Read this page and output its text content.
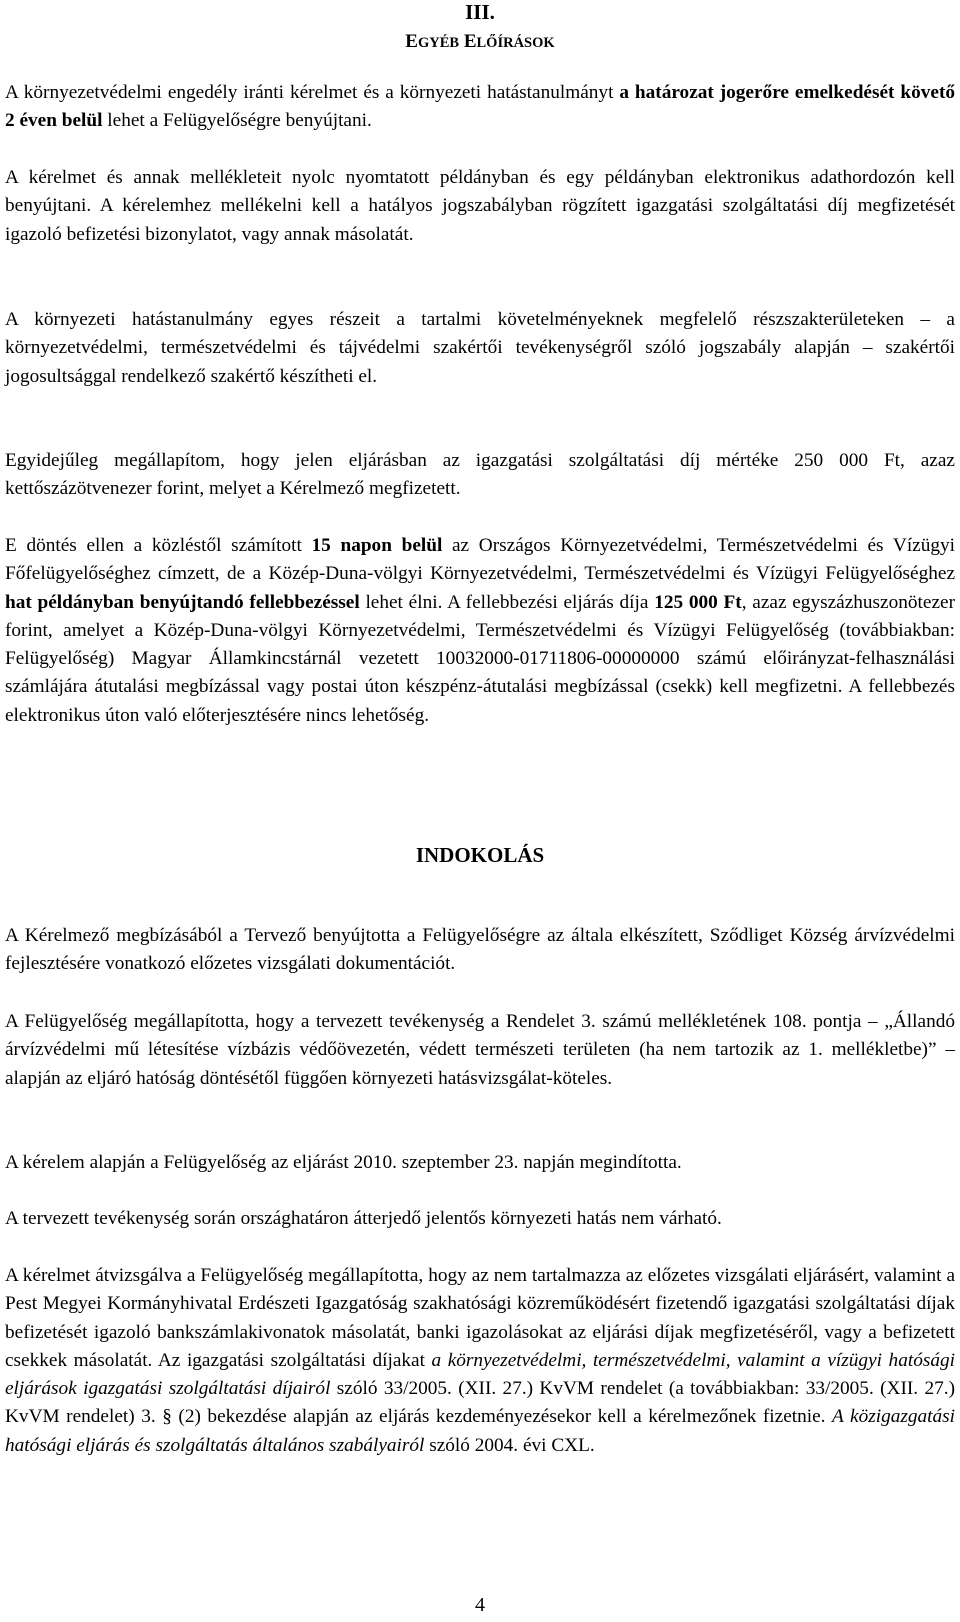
III.
EGYÉB ELŐÍRÁSOK

A környezetvédelmi engedély iránti kérelmet és a környezeti hatástanulmányt a határozat jogerőre emelkedését követő 2 éven belül lehet a Felügyelőségre benyújtani.

A kérelmet és annak mellékleteit nyolc nyomtatott példányban és egy példányban elektronikus adathordozón kell benyújtani. A kérelemhez mellékelni kell a hatályos jogszabályban rögzített igazgatási szolgáltatási díj megfizetését igazoló befizetési bizonylatot, vagy annak másolatát.

A környezeti hatástanulmány egyes részeit a tartalmi követelményeknek megfelelő részszakterületeken – a környezetvédelmi, természetvédelmi és tájvédelmi szakértői tevékenységről szóló jogszabály alapján – szakértői jogosultsággal rendelkező szakértő készítheti el.

Egyidejűleg megállapítom, hogy jelen eljárásban az igazgatási szolgáltatási díj mértéke 250 000 Ft, azaz kettőszázötvenezer forint, melyet a Kérelmező megfizetett.

E döntés ellen a közléstől számított 15 napon belül az Országos Környezetvédelmi, Természetvédelmi és Vízügyi Főfelügyelőséghez címzett, de a Közép-Duna-völgyi Környezetvédelmi, Természetvédelmi és Vízügyi Felügyelőséghez hat példányban benyújtandó fellebbezéssel lehet élni. A fellebbezési eljárás díja 125 000 Ft, azaz egyszázhuszonötezer forint, amelyet a Közép-Duna-völgyi Környezetvédelmi, Természetvédelmi és Vízügyi Felügyelőség (továbbiakban: Felügyelőség) Magyar Államkincstárnál vezetett 10032000-01711806-00000000 számú előirányzat-felhasználási számlájára átutalási megbízással vagy postai úton készpénz-átutalási megbízással (csekk) kell megfizetni. A fellebbezés elektronikus úton való előterjesztésére nincs lehetőség.

INDOKOLÁS

A Kérelmező megbízásából a Tervező benyújtotta a Felügyelőségre az általa elkészített, Sződliget Község árvízvédelmi fejlesztésére vonatkozó előzetes vizsgálati dokumentációt.

A Felügyelőség megállapította, hogy a tervezett tevékenység a Rendelet 3. számú mellékletének 108. pontja – „Állandó árvízvédelmi mű létesítése vízbázis védőövezetén, védett természeti területen (ha nem tartozik az 1. mellékletbe)” – alapján az eljáró hatóság döntésétől függően környezeti hatásvizsgálat-köteles.

A kérelem alapján a Felügyelőség az eljárást 2010. szeptember 23. napján megindította.

A tervezett tevékenység során országhatáron átterjedő jelentős környezeti hatás nem várható.

A kérelmet átvizsgálva a Felügyelőség megállapította, hogy az nem tartalmazza az előzetes vizsgálati eljárásért, valamint a Pest Megyei Kormányhivatal Erdészeti Igazgatóság szakhatósági közreműködésért fizetendő igazgatási szolgáltatási díjak befizetését igazoló bankszámlakivonatok másolatát, banki igazolásokat az eljárási díjak megfizetéséről, vagy a befizetett csekkek másolatát. Az igazgatási szolgáltatási díjakat a környezetvédelmi, természetvédelmi, valamint a vízügyi hatósági eljárások igazgatási szolgáltatási díjairól szóló 33/2005. (XII. 27.) KvVM rendelet (a továbbiakban: 33/2005. (XII. 27.) KvVM rendelet) 3. § (2) bekezdése alapján az eljárás kezdeményezésekor kell a kérelmezőnek fizetnie. A közigazgatási hatósági eljárás és szolgáltatás általános szabályairól szóló 2004. évi CXL.

4
